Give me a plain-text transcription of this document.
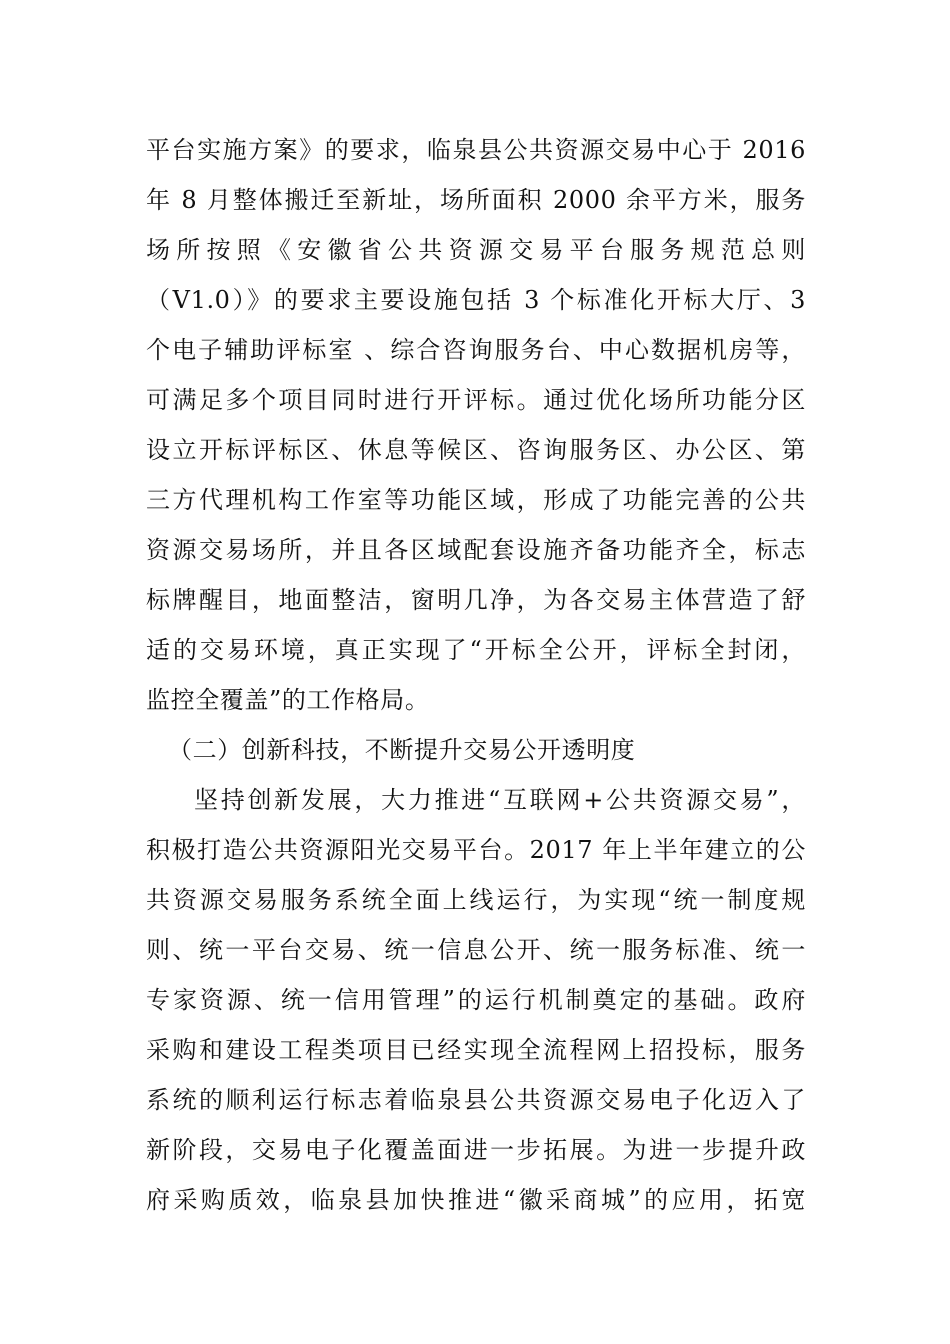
平台实施方案》的要求，临泉县公共资源交易中心于 2016
年 8 月整体搬迁至新址，场所面积 2000 余平方米，服务
场所按照《安徽省公共资源交易平台服务规范总则
（V1.0）》的要求主要设施包括 3 个标准化开标大厅、3
个电子辅助评标室 、综合咨询服务台、中心数据机房等，
可满足多个项目同时进行开评标。通过优化场所功能分区
设立开标评标区、休息等候区、咨询服务区、办公区、第
三方代理机构工作室等功能区域，形成了功能完善的公共
资源交易场所，并且各区域配套设施齐备功能齐全，标志
标牌醒目，地面整洁，窗明几净，为各交易主体营造了舒
适的交易环境，真正实现了“开标全公开，评标全封闭，
监控全覆盖”的工作格局。
（二）创新科技，不断提升交易公开透明度
坚持创新发展，大力推进“互联网+公共资源交易”，
积极打造公共资源阳光交易平台。2017 年上半年建立的公
共资源交易服务系统全面上线运行，为实现“统一制度规
则、统一平台交易、统一信息公开、统一服务标准、统一
专家资源、统一信用管理”的运行机制奠定的基础。政府
采购和建设工程类项目已经实现全流程网上招投标，服务
系统的顺利运行标志着临泉县公共资源交易电子化迈入了
新阶段，交易电子化覆盖面进一步拓展。为进一步提升政
府采购质效，临泉县加快推进“徽采商城”的应用，拓宽
